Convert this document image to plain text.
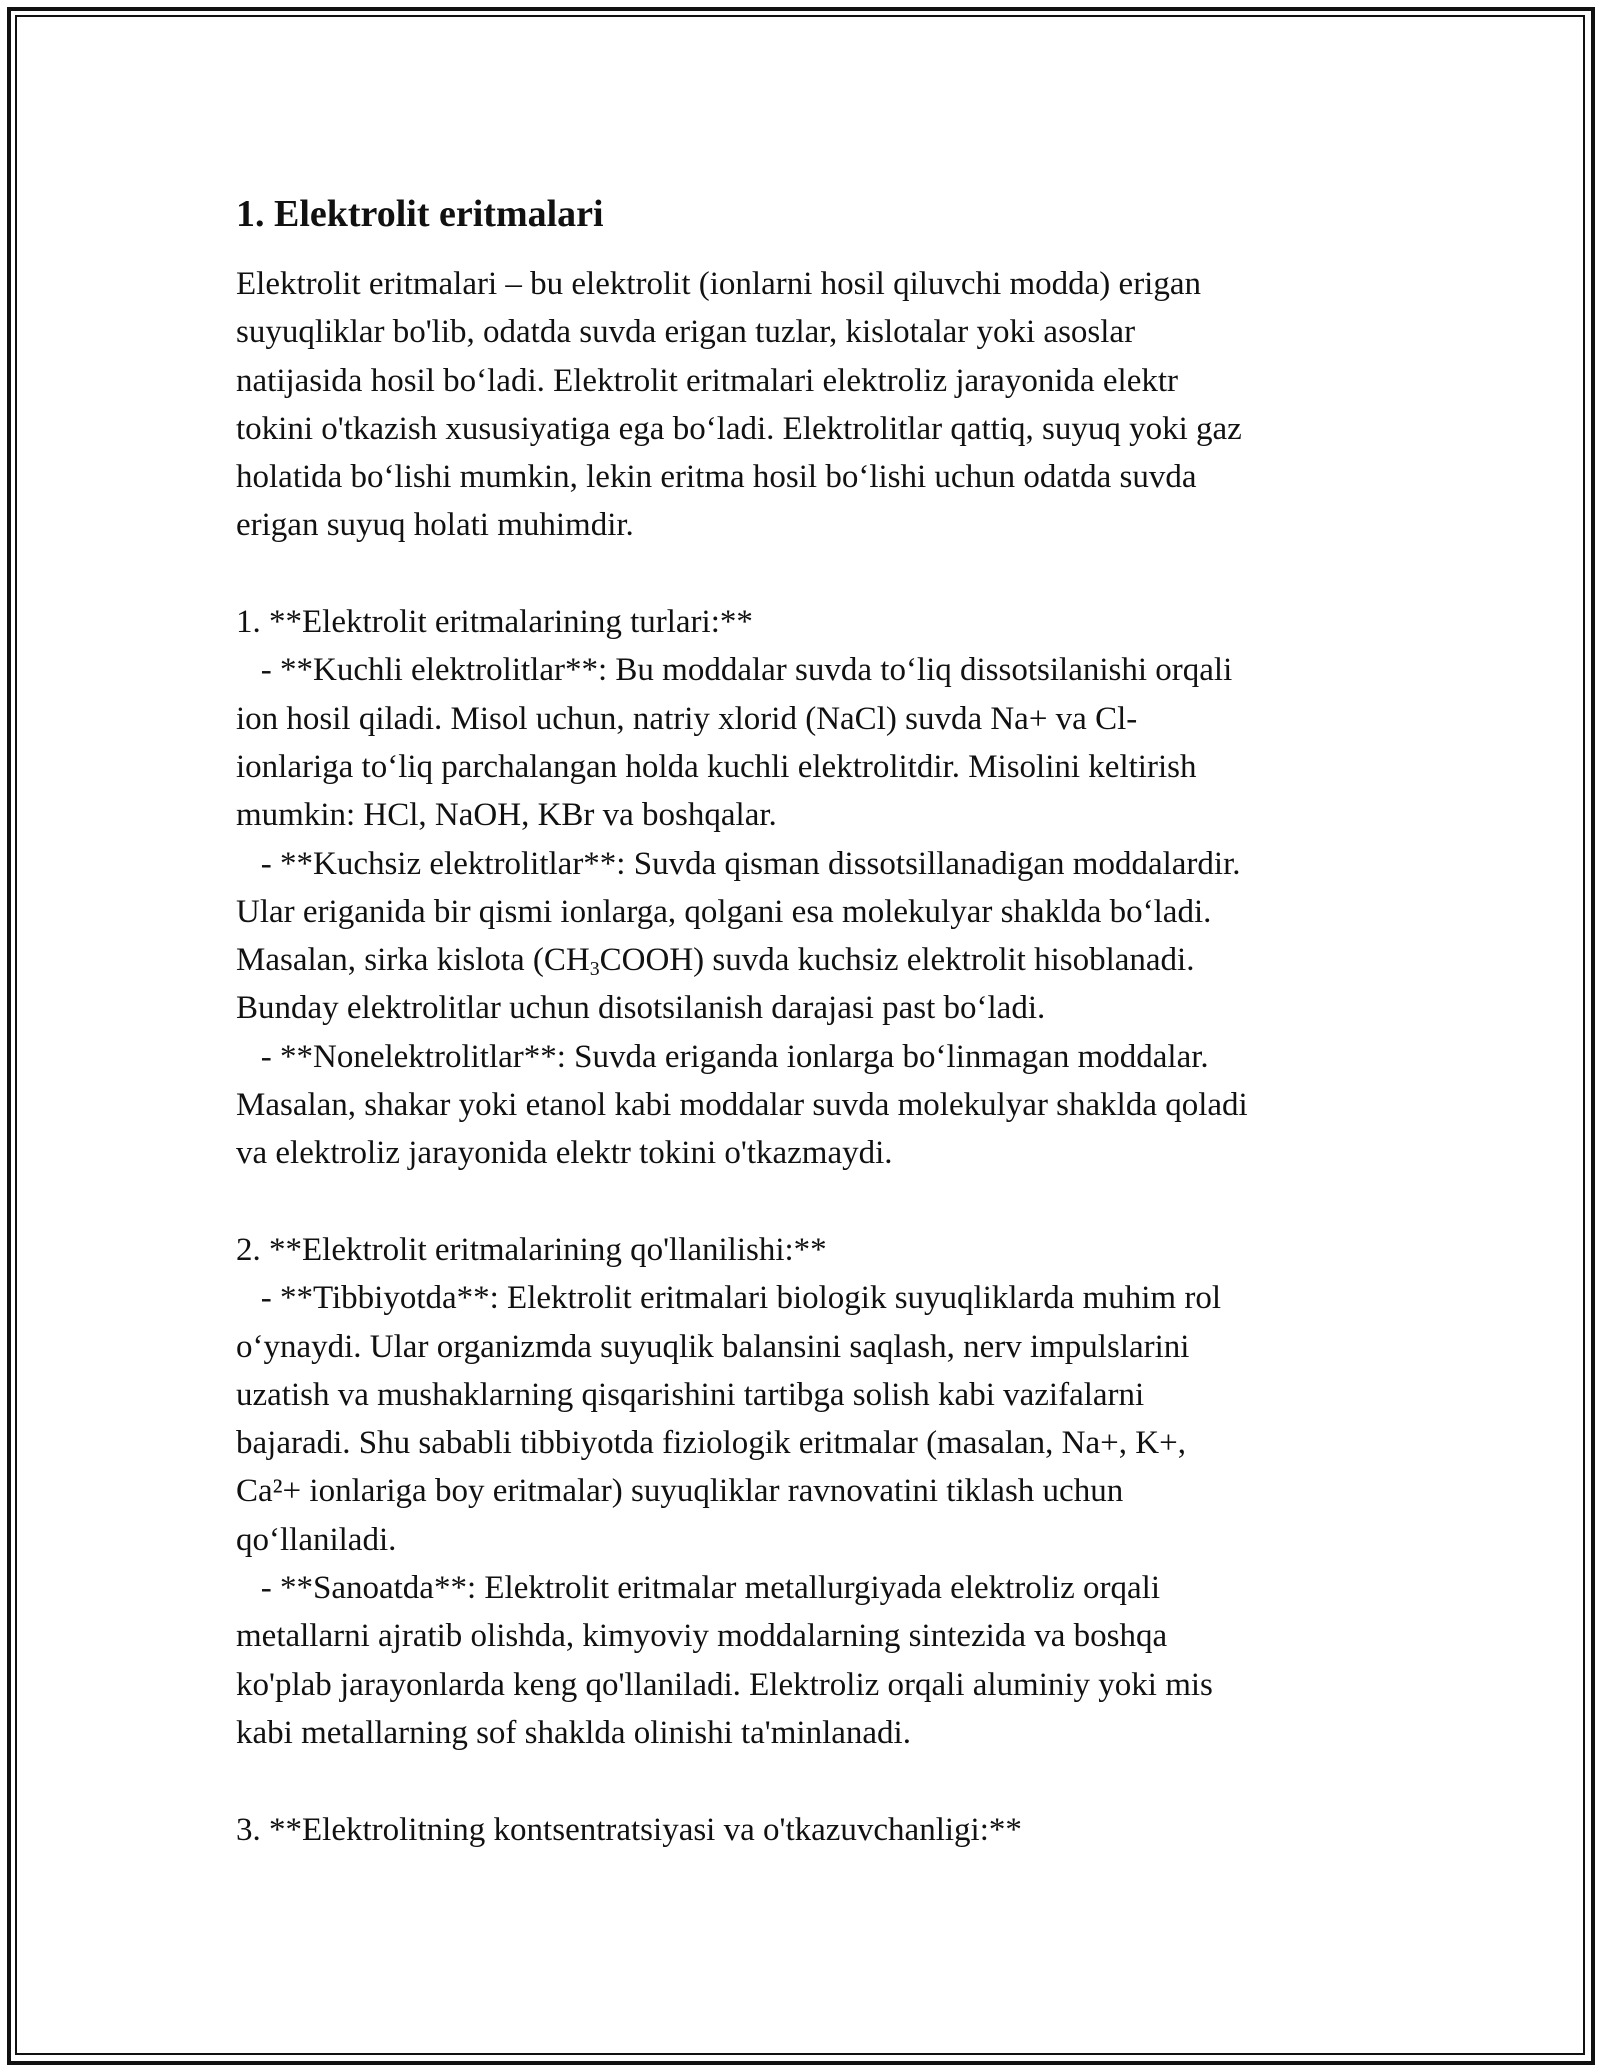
1. Elektrolit eritmalari
Elektrolit eritmalari – bu elektrolit (ionlarni hosil qiluvchi modda) erigan
suyuqliklar bo'lib, odatda suvda erigan tuzlar, kislotalar yoki asoslar
natijasida hosil bo‘ladi. Elektrolit eritmalari elektroliz jarayonida elektr
tokini o'tkazish xususiyatiga ega bo‘ladi. Elektrolitlar qattiq, suyuq yoki gaz
holatida bo‘lishi mumkin, lekin eritma hosil bo‘lishi uchun odatda suvda
erigan suyuq holati muhimdir.
1. **Elektrolit eritmalarining turlari:**
- **Kuchli elektrolitlar**: Bu moddalar suvda to‘liq dissotsilanishi orqali
ion hosil qiladi. Misol uchun, natriy xlorid (NaCl) suvda Na+ va Cl-
ionlariga to‘liq parchalangan holda kuchli elektrolitdir. Misolini keltirish
mumkin: HCl, NaOH, KBr va boshqalar.
- **Kuchsiz elektrolitlar**: Suvda qisman dissotsillanadigan moddalardir.
Ular eriganida bir qismi ionlarga, qolgani esa molekulyar shaklda bo‘ladi.
Masalan, sirka kislota $(CH_3COOH)$ suvda kuchsiz elektrolit hisoblanadi.
Bunday elektrolitlar uchun disotsilanish darajasi past bo‘ladi.
- **Nonelektrolitlar**: Suvda eriganda ionlarga bo‘linmagan moddalar.
Masalan, shakar yoki etanol kabi moddalar suvda molekulyar shaklda qoladi
va elektroliz jarayonida elektr tokini o'tkazmaydi.
2. **Elektrolit eritmalarining qo'llanilishi:**
- **Tibbiyotda**: Elektrolit eritmalari biologik suyuqliklarda muhim rol
o‘ynaydi. Ular organizmda suyuqlik balansini saqlash, nerv impulslarini
uzatish va mushaklarning qisqarishini tartibga solish kabi vazifalarni
bajaradi. Shu sababli tibbiyotda fiziologik eritmalar (masalan, Na+, K+,
Ca²+ ionlariga boy eritmalar) suyuqliklar ravnovatini tiklash uchun
qo‘llaniladi.
- **Sanoatda**: Elektrolit eritmalar metallurgiyada elektroliz orqali
metallarni ajratib olishda, kimyoviy moddalarning sintezida va boshqa
ko'plab jarayonlarda keng qo'llaniladi. Elektroliz orqali aluminiy yoki mis
kabi metallarning sof shaklda olinishi ta'minlanadi.
3. **Elektrolitning kontsentratsiyasi va o'tkazuvchanligi:**
